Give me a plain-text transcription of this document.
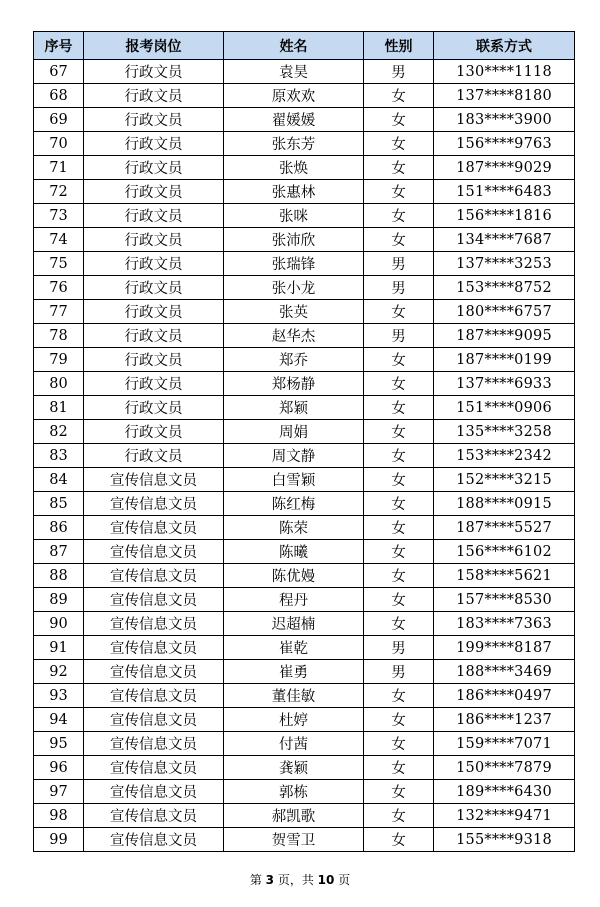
序号	报考岗位	姓名	性别	联系方式
67	行政文员	袁昊	男	130****1118
68	行政文员	原欢欢	女	137****8180
69	行政文员	翟媛媛	女	183****3900
70	行政文员	张东芳	女	156****9763
71	行政文员	张焕	女	187****9029
72	行政文员	张惠林	女	151****6483
73	行政文员	张咪	女	156****1816
74	行政文员	张沛欣	女	134****7687
75	行政文员	张瑞锋	男	137****3253
76	行政文员	张小龙	男	153****8752
77	行政文员	张英	女	180****6757
78	行政文员	赵华杰	男	187****9095
79	行政文员	郑乔	女	187****0199
80	行政文员	郑杨静	女	137****6933
81	行政文员	郑颖	女	151****0906
82	行政文员	周娟	女	135****3258
83	行政文员	周文静	女	153****2342
84	宣传信息文员	白雪颖	女	152****3215
85	宣传信息文员	陈红梅	女	188****0915
86	宣传信息文员	陈荣	女	187****5527
87	宣传信息文员	陈曦	女	156****6102
88	宣传信息文员	陈优嫚	女	158****5621
89	宣传信息文员	程丹	女	157****8530
90	宣传信息文员	迟超楠	女	183****7363
91	宣传信息文员	崔乾	男	199****8187
92	宣传信息文员	崔勇	男	188****3469
93	宣传信息文员	董佳敏	女	186****0497
94	宣传信息文员	杜婷	女	186****1237
95	宣传信息文员	付茜	女	159****7071
96	宣传信息文员	龚颖	女	150****7879
97	宣传信息文员	郭栋	女	189****6430
98	宣传信息文员	郝凯歌	女	132****9471
99	宣传信息文员	贺雪卫	女	155****9318
第 3 页，共 10 页
